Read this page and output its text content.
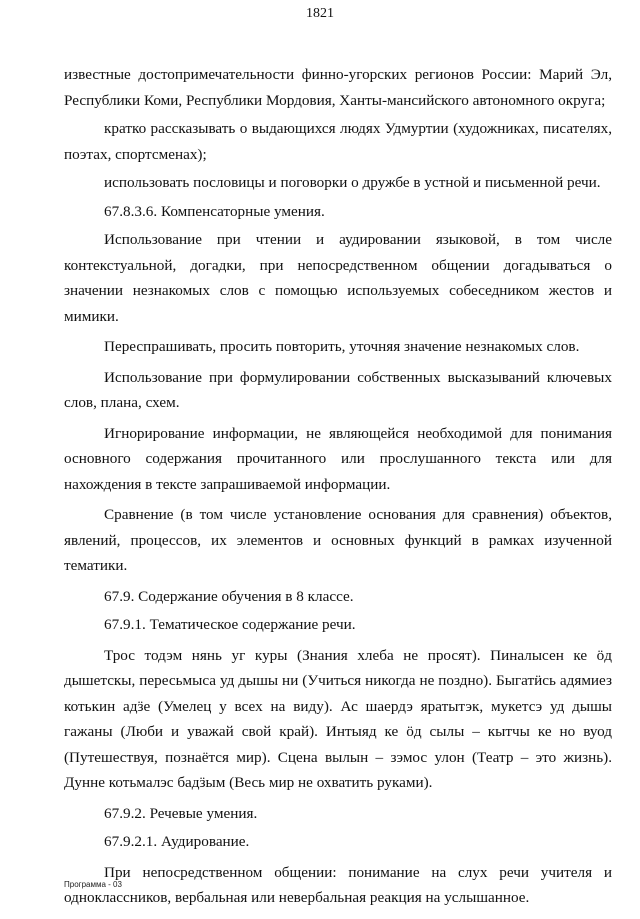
1821

известные достопримечательности финно-угорских регионов России: Марий Эл, Республики Коми, Республики Мордовия, Ханты-мансийского автономного округа;

кратко рассказывать о выдающихся людях Удмуртии (художниках, писателях, поэтах, спортсменах);

использовать пословицы и поговорки о дружбе в устной и письменной речи.

67.8.3.6. Компенсаторные умения.

Использование при чтении и аудировании языковой, в том числе контекстуальной, догадки, при непосредственном общении догадываться о значении незнакомых слов с помощью используемых собеседником жестов и мимики.

Переспрашивать, просить повторить, уточняя значение незнакомых слов.

Использование при формулировании собственных высказываний ключевых слов, плана, схем.

Игнорирование информации, не являющейся необходимой для понимания основного содержания прочитанного или прослушанного текста или для нахождения в тексте запрашиваемой информации.

Сравнение (в том числе установление основания для сравнения) объектов, явлений, процессов, их элементов и основных функций в рамках изученной тематики.

67.9. Содержание обучения в 8 классе.

67.9.1. Тематическое содержание речи.

Трос тодэм нянь уг куры (Знания хлеба не просят). Пиналысен ке ӧд дышетскы, пересьмыса уд дышы ни (Учиться никогда не поздно). Быгатӥсь адямиез котькин адӟе (Умелец у всех на виду). Ас шаердэ яратытэк, мукетсэ уд дышы гажаны (Люби и уважай свой край). Интыяд ке ӧд сылы – кытчы ке но вуод (Путешествуя, познаётся мир). Сцена вылын – зэмос улон (Театр – это жизнь). Дунне котьмалэс бадӟым (Весь мир не охватить руками).

67.9.2. Речевые умения.

67.9.2.1. Аудирование.

При непосредственном общении: понимание на слух речи учителя и одноклассников, вербальная или невербальная реакция на услышанное.

Программа - 03
